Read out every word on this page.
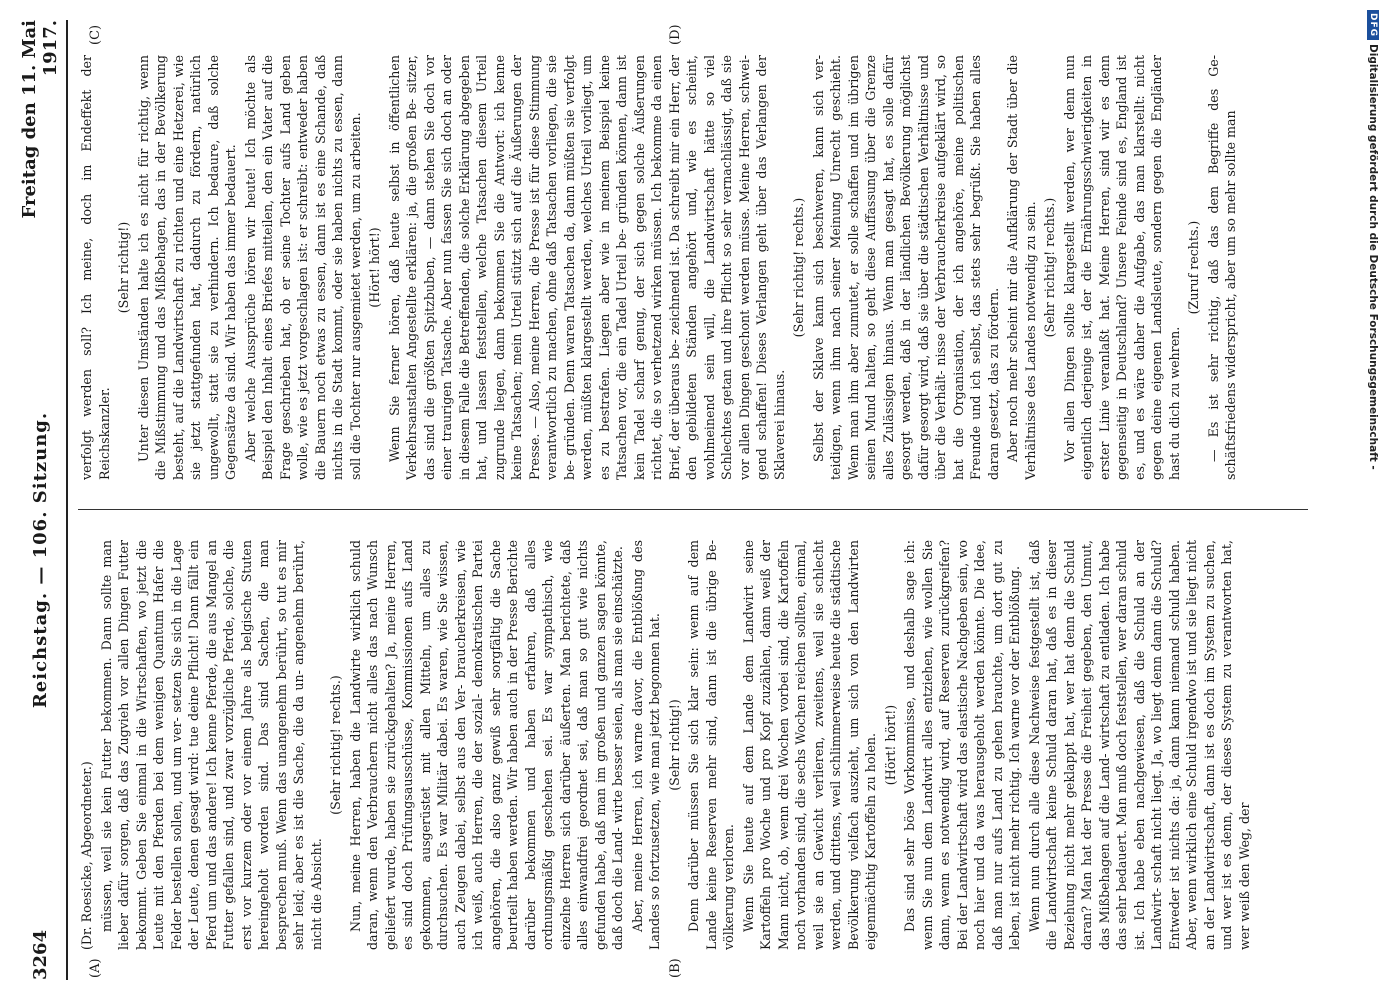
3264
Reichstag. — 106. Sitzung.
Freitag den 11. Mai 1917.
(A)	(B)
(C)	(D)

(Dr. Roesicke, Abgeordneter.) müssen, weil sie kein Futter bekommen. Dann sollte man lieber dafür sorgen, daß das Zugvieh vor allen Dingen Futter bekommt. Geben Sie einmal in die Wirtschaften, wo jetzt die Leute mit den Pferden bei dem wenigen Quantum Hafer die Felder bestellen sollen, und um ver- setzen Sie sich in die Lage der Leute, denen gesagt wird: tue deine Pflicht! Dann fällt ein Pferd um und das andere! Ich kenne Pferde, die aus Mangel an Futter gefallen sind, und zwar vorzügliche Pferde, solche, die erst vor kurzem oder vor einem Jahre als belgische Stuten hereingeholt worden sind. Das sind Sachen, die man besprechen muß. Wenn das unangenehm berührt, so tut es mir sehr leid; aber es ist die Sache, die da un- angenehm berührt, nicht die Absicht.

(Sehr richtig! rechts.) Nun, meine Herren, haben die Landwirte wirklich schuld daran, wenn den Verbrauchern nicht alles das nach Wunsch geliefert wurde, haben sie zurückgehalten? Ja, meine Herren, es sind doch Prüfungsausschüsse, Kommissionen aufs Land gekommen, ausgerüstet mit allen Mitteln, um alles zu durchsuchen. Es war Militär dabei. Es waren, wie Sie wissen, auch Zeugen dabei, selbst aus den Ver- braucherkreisen, wie ich weiß, auch Herren, die der sozial- demokratischen Partei angehören, die also ganz gewiß sehr sorgfältig die Sache beurteilt haben werden. Wir haben auch in der Presse Berichte darüber bekommen und haben erfahren, daß alles ordnungsmäßig geschehen sei. Es war sympathisch, wie einzelne Herren sich darüber äußerten. Man berichtete, daß alles einwandfrei geordnet sei, daß man so gut wie nichts gefunden habe, daß man im großen und ganzen sagen könnte, daß doch die Land- wirte besser seien, als man sie einschätzte. Aber, meine Herren, ich warne davor, die Entblößung des Landes so fortzusetzen, wie man jetzt begonnen hat. (Sehr richtig!) Denn darüber müssen Sie sich klar sein: wenn auf dem Lande keine Reserven mehr sind, dann ist die übrige Be- völkerung verloren. Wenn Sie heute auf dem Lande dem Landwirt seine Kartoffeln pro Woche und pro Kopf zuzählen, dann weiß der Mann nicht, ob, wenn drei Wochen vorbei sind, die Kartoffeln noch vorhanden sind, die sechs Wochen reichen sollten, einmal, weil sie an Gewicht verlieren, zweitens, weil sie schlecht werden, und drittens, weil schlimmerweise heute die städtische Bevölkerung vielfach auszieht, um sich von den Landwirten eigenmächtig Kartoffeln zu holen. (Hört! hört!) Das sind sehr böse Vorkommnisse, und deshalb sage ich: wenn Sie nun dem Landwirt alles entziehen, wie wollen Sie dann, wenn es notwendig wird, auf Reserven zurückgreifen? Bei der Landwirtschaft wird das elastische Nachgeben sein, wo noch hier und da was herausgeholt werden könnte. Die Idee, daß man nur aufs Land zu gehen brauchte, um dort gut zu leben, ist nicht mehr richtig. Ich warne vor der Entblößung. Wenn nun durch alle diese Nachweise festgestellt ist, daß die Landwirtschaft keine Schuld daran hat, daß es in dieser Beziehung nicht mehr geklappt hat, wer hat denn die Schuld daran? Man hat der Presse die Freiheit gegeben, den Unmut, das Mißbehagen auf die Land- wirtschaft zu entladen. Ich habe das sehr bedauert. Man muß doch feststellen, wer daran schuld ist. Ich habe eben nachgewiesen, daß die Schuld an der Landwirt- schaft nicht liegt. Ja, wo liegt denn dann die Schuld? Entweder ist nichts da: ja, dann kann niemand schuld haben. Aber, wenn wirklich eine Schuld irgendwo ist und sie liegt nicht an der Landwirtschaft, dann ist es doch im System zu suchen, und wer ist es denn, der dieses System zu verantworten hat, wer weiß den Weg, der

verfolgt werden soll? Ich meine, doch im Endeffekt der Reichskanzler.

(Sehr richtig!) Unter diesen Umständen halte ich es nicht für richtig, wenn die Mißstimmung und das Mißbehagen, das in der Bevölkerung besteht, auf die Landwirtschaft zu richten und eine Hetzerei, wie sie jetzt stattgefunden hat, dadurch zu fördern, natürlich ungewollt, statt sie zu verhindern. Ich bedaure, daß solche Gegensätze da sind. Wir haben das immer bedauert. Aber welche Aussprüche hören wir heute! Ich möchte als Beispiel den Inhalt eines Briefes mitteilen, den ein Vater auf die Frage geschrieben hat, ob er seine Tochter aufs Land geben wolle, wie es jetzt vorgeschlagen ist: er schreibt: entweder haben die Bauern noch etwas zu essen, dann ist es eine Schande, daß nichts in die Stadt kommt, oder sie haben nichts zu essen, dann soll die Tochter nur ausgemietet werden, um zu arbeiten. (Hört! hört!) Wenn Sie ferner hören, daß heute selbst in öffentlichen Verkehrsanstalten Angestellte erklären: ja, die großen Be- sitzer, das sind die größten Spitzbuben, — dann stehen Sie doch vor einer traurigen Tatsache. Aber nun fassen Sie sich doch an oder in diesem Falle die Betreffenden, die solche Erklärung abgegeben hat, und lassen feststellen, welche Tatsachen diesem Urteil zugrunde liegen, dann bekommen Sie die Antwort: ich kenne keine Tatsachen; mein Urteil stützt sich auf die Äußerungen der Presse. — Also, meine Herren, die Presse ist für diese Stimmung verantwortlich zu machen, ohne daß Tatsachen vorliegen, die sie be- gründen. Denn waren Tatsachen da, dann müßten sie verfolgt werden, müßten klargestellt werden, welches Urteil vorliegt, um es zu bestrafen. Liegen aber wie in meinem Beispiel keine Tatsachen vor, die ein Tadel Urteil be- gründen können, dann ist kein Tadel scharf genug, der sich gegen solche Äußerungen richtet, die so verhetzend wirken müssen. Ich bekomme da einen Brief, der überaus be- zeichnend ist. Da schreibt mir ein Herr, der den gebildeten Ständen angehört und, wie es scheint, wohlmeinend sein will, die Landwirtschaft hätte so viel Schlechtes getan und ihre Pflicht so sehr vernachlässigt, daß sie vor allen Dingen geschont werden müsse. Meine Herren, schwei- gend schaffen! Dieses Verlangen geht über das Verlangen der Sklaverei hinaus.

(Sehr richtig! rechts.) Selbst der Sklave kann sich beschweren, kann sich ver- teidigen, wenn ihm nach seiner Meinung Unrecht geschieht. Wenn man ihm aber zumutet, er solle schaffen und im übrigen seinen Mund halten, so geht diese Auffassung über die Grenze alles Zulässigen hinaus. Wenn man gesagt hat, es solle dafür gesorgt werden, daß in der ländlichen Bevölkerung möglichst dafür gesorgt wird, daß sie über die städtischen Verhältnisse und über die Verhält- nisse der Verbraucherkreise aufgeklärt wird, so hat die Organisation, der ich angehöre, meine politischen Freunde und ich selbst, das stets sehr begrüßt. Sie haben alles daran gesetzt, das zu fördern. Aber noch mehr scheint mir die Aufklärung der Stadt über die Verhältnisse des Landes notwendig zu sein. (Sehr richtig! rechts.) Vor allen Dingen sollte klargestellt werden, wer denn nun eigentlich derjenige ist, der die Ernährungsschwierigkeiten in erster Linie veranlaßt hat. Meine Herren, sind wir es denn gegenseitig in Deutschland? Unsere Feinde sind es, England ist es, und es wäre daher die Aufgabe, das man klarstellt: nicht gegen deine eigenen Landsleute, sondern gegen die Engländer hast du dich zu wehren.

(Zuruf rechts.) — Es ist sehr richtig, daß das dem Begriffe des Ge- schäftsfriedens widerspricht, aber um so mehr sollte man

DFG
Digitalisierung gefördert durch die Deutsche Forschungsgemeinschaft -
